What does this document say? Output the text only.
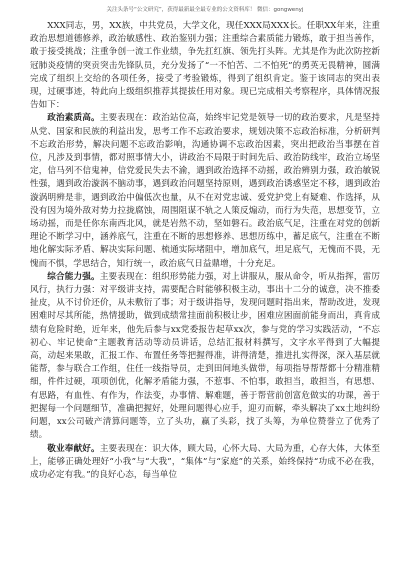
关注头条号“公文研究”，获得最新最全最专业的公文资料库！ 微信：gongwenyj

XXX同志，男，XX族，中共党员，大学文化，现任XXX局XXX长。任职XX年来，注重政治思想道德修养，政治敏感性、政治鉴别力强；注重综合素质能力锻炼，敢于担当善作，敢于接受挑战；注重争创一流工作业绩，争先扛红旗、领先打头阵。尤其是作为此次防控新冠肺炎疫情的突贡突击先锋队员，充分发扬了“一不怕苦、二不怕死”的勇英无畏精神，圆满完成了组织上交给的各项任务，接受了考验锻炼，得到了组织肯定。鉴于该同志的突出表现，过硬事迹，特此向上级组织推荐其提拔任用对象。现已完成相关考察程序，具体情况报告如下：

政治素质高。主要表现在：政治站位高，始终牢记党是领导一切的政治要求，凡是坚持从党、国家和民族的利益出发，思考工作不忘政治要求，规划决策不忘政治标准，分析研判不忘政治形势，解决问题不忘政治影响，沟通协调不忘政治因素，突出把政治当事摆在首位，凡涉及到事情，都对照事情大小，讲政治不局限于时间先后、政治防线牢，政治立场坚定，信马列不信鬼神，信党爱民失去不渝，遇到政治选择不动摇，政治辨别力强，政治敏锐性强，遇到政治漩涡不脑动事，遇到政治问题坚持原则，遇到政治诱惑坚定不移，遇到政治漩涡明辨是非，遇到政治中偏低次也量，从不在对党忠诚、爱党护党上有疑难、作选择，从没有因为境外敌对势力拉拢腐蚀，周围阻谋不轨之人策反煽动，而行为失范，思想变节，立场动摇，而是任你东南西北风，就是岩然不动，坚如磐石。政治底气足，注重在对党的创新理论不断学习中，涵养底气，注重在不断的思想修养、思想历练中，蓄足底气，注重在不断地化解实际矛盾、解决实际问题、梳通实际堵阻中，增加底气，坦足底气，无愧而不畏，无愧而不惧，学思结合，知行统一，政治底气日益鼎增，十分充足。

综合能力强。主要表现在：组织形势能力强，对上讲服从，服从命令，听从指挥，雷厉风行，执行力强：对平级讲支持，需要配合时能够积极主动，事出十二分的诚意，决不推委扯皮，从不讨价还价，从未敷衍了事；对于级讲指导，发现问题时指出来，帮助改进，发现困难时尽其所能，热情援助，做到成绩常挂面前积极让步，困难应困面前能身而出，真肯成绩有危险时绝，近年来，他先后参与xx党委报告起草xx次，参与党的学习实践活动，“不忘初心、牢记使命”主题教育活动等动员讲话，总结汇报材料撰写，文字水平得到了大幅提高，动起来果敢，汇报工作、布置任务等把握得准，讲得清楚，推进扎实得深，深入基层就能帮，参与联合工作组，住任一线指导员，走到田间地头做带，每项指导帮帮都十分精准精细，件件过硬，项项创优，化解矛盾能力强，不惹事、不怕事，敢担当，敢担当，有思想、有思路，有血性、有作为，作法变，办事情、解难题，善于帮营前创富危做实的功课，善于把握每一个问题细节，准确把握好，处理问题得心应手，迎刃而解，牵头解决了xx土地纠纷问题，xx公司破产清算问题等，立了头功，赢了头彩，找了头筹，为单位赞誉立了优秀了绩。

敬业奉献好。主要表现在：识大体，顾大局，心怀大局、大局为重，心存大体，大体至上，能够正确处理好“小我”与“大我”，“集体”与“家庭”的关系，始终保持“功成不必在我，成功必定有我。”的良好心态，每当单位
